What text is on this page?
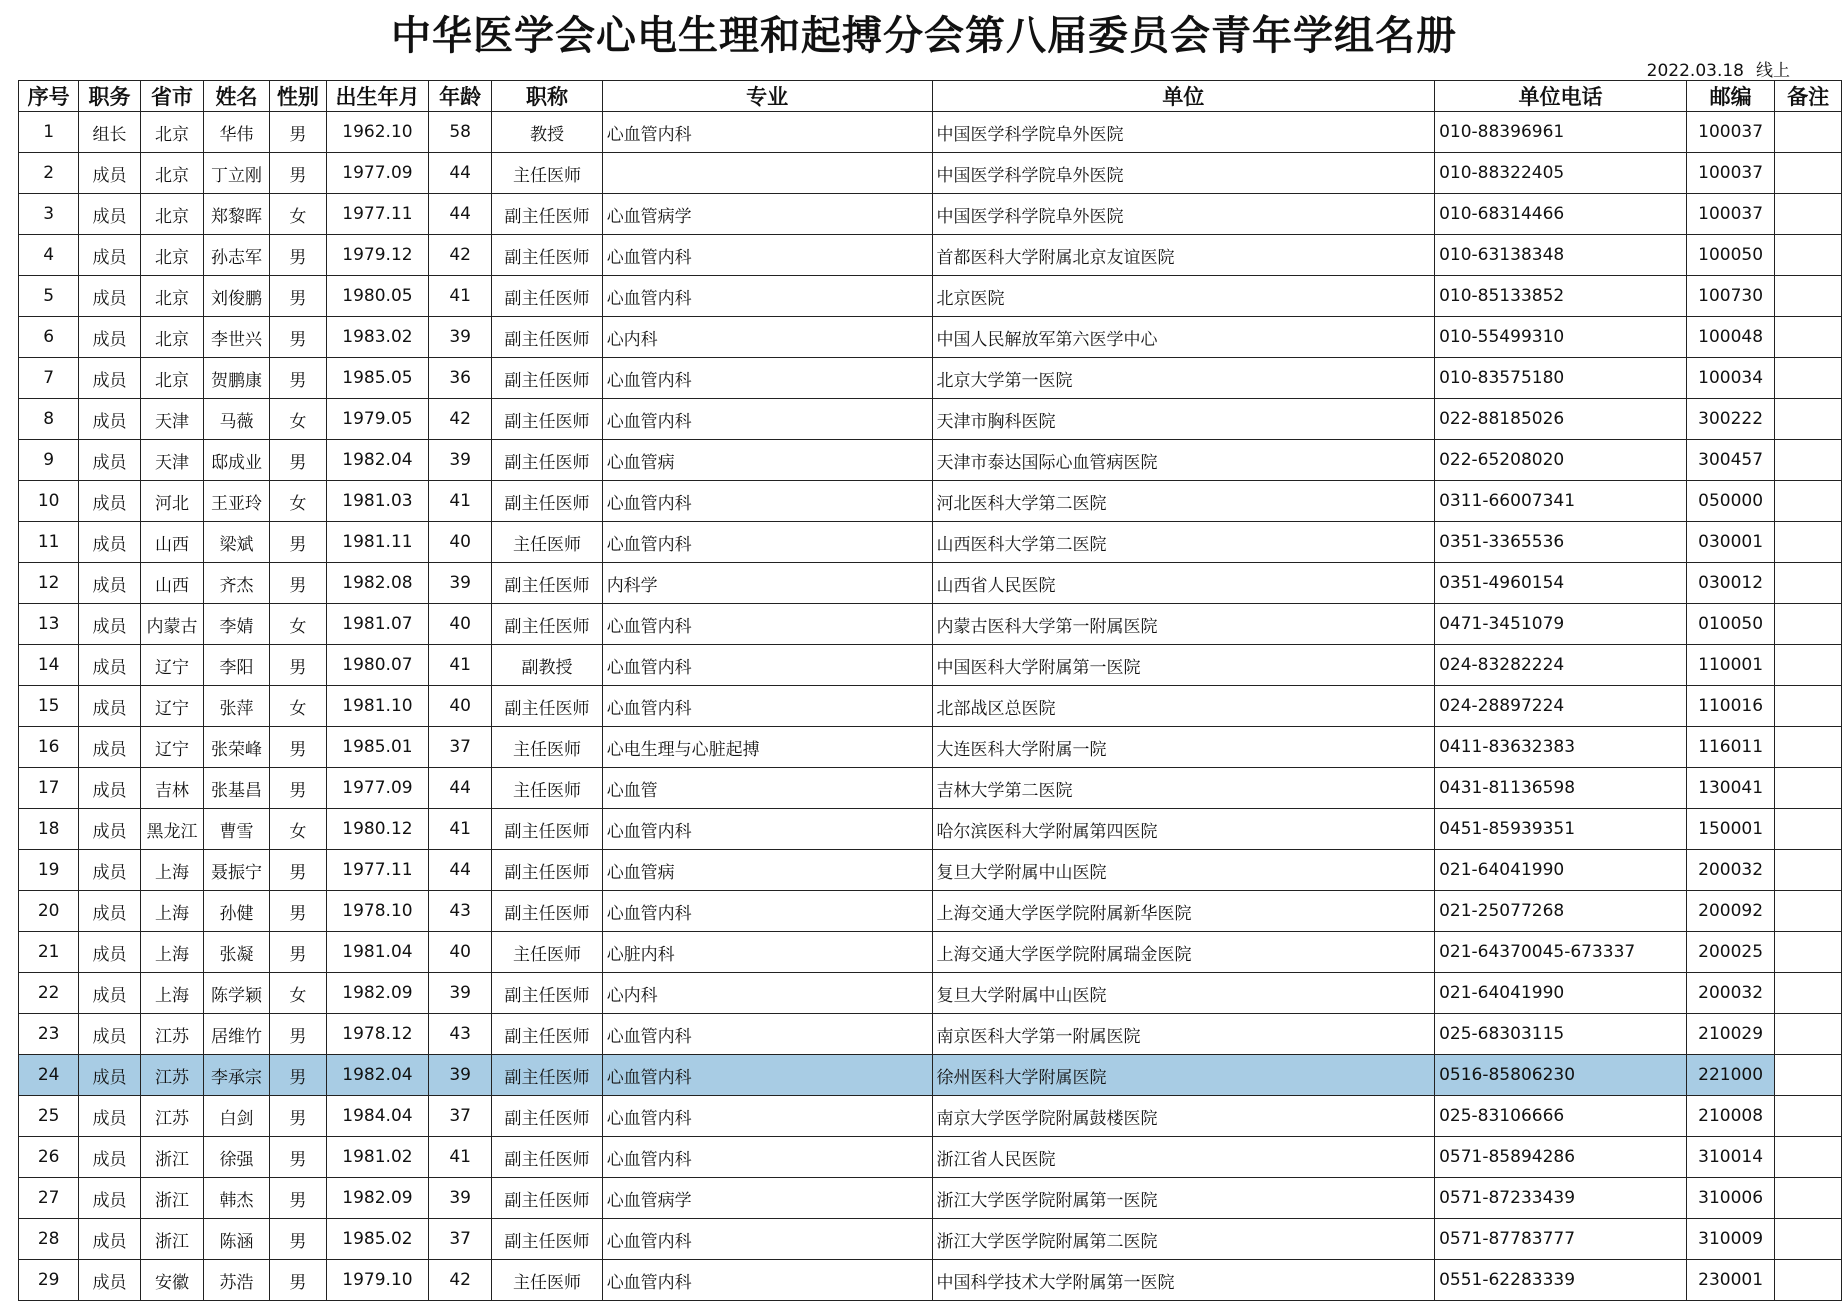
中华医学会心电生理和起搏分会第八届委员会青年学组名册
2022.03.18 线上
序号	职务	省市	姓名	性别	出生年月	年龄	职称	专业	单位	单位电话	邮编	备注
1	组长	北京	华伟	男	1962.10	58	教授	心血管内科	中国医学科学院阜外医院	010-88396961	100037	
2	成员	北京	丁立刚	男	1977.09	44	主任医师		中国医学科学院阜外医院	010-88322405	100037	
3	成员	北京	郑黎晖	女	1977.11	44	副主任医师	心血管病学	中国医学科学院阜外医院	010-68314466	100037	
4	成员	北京	孙志军	男	1979.12	42	副主任医师	心血管内科	首都医科大学附属北京友谊医院	010-63138348	100050	
5	成员	北京	刘俊鹏	男	1980.05	41	副主任医师	心血管内科	北京医院	010-85133852	100730	
6	成员	北京	李世兴	男	1983.02	39	副主任医师	心内科	中国人民解放军第六医学中心	010-55499310	100048	
7	成员	北京	贺鹏康	男	1985.05	36	副主任医师	心血管内科	北京大学第一医院	010-83575180	100034	
8	成员	天津	马薇	女	1979.05	42	副主任医师	心血管内科	天津市胸科医院	022-88185026	300222	
9	成员	天津	邸成业	男	1982.04	39	副主任医师	心血管病	天津市泰达国际心血管病医院	022-65208020	300457	
10	成员	河北	王亚玲	女	1981.03	41	副主任医师	心血管内科	河北医科大学第二医院	0311-66007341	050000	
11	成员	山西	梁斌	男	1981.11	40	主任医师	心血管内科	山西医科大学第二医院	0351-3365536	030001	
12	成员	山西	齐杰	男	1982.08	39	副主任医师	内科学	山西省人民医院	0351-4960154	030012	
13	成员	内蒙古	李婧	女	1981.07	40	副主任医师	心血管内科	内蒙古医科大学第一附属医院	0471-3451079	010050	
14	成员	辽宁	李阳	男	1980.07	41	副教授	心血管内科	中国医科大学附属第一医院	024-83282224	110001	
15	成员	辽宁	张萍	女	1981.10	40	副主任医师	心血管内科	北部战区总医院	024-28897224	110016	
16	成员	辽宁	张荣峰	男	1985.01	37	主任医师	心电生理与心脏起搏	大连医科大学附属一院	0411-83632383	116011	
17	成员	吉林	张基昌	男	1977.09	44	主任医师	心血管	吉林大学第二医院	0431-81136598	130041	
18	成员	黑龙江	曹雪	女	1980.12	41	副主任医师	心血管内科	哈尔滨医科大学附属第四医院	0451-85939351	150001	
19	成员	上海	聂振宁	男	1977.11	44	副主任医师	心血管病	复旦大学附属中山医院	021-64041990	200032	
20	成员	上海	孙健	男	1978.10	43	副主任医师	心血管内科	上海交通大学医学院附属新华医院	021-25077268	200092	
21	成员	上海	张凝	男	1981.04	40	主任医师	心脏内科	上海交通大学医学院附属瑞金医院	021-64370045-673337	200025	
22	成员	上海	陈学颖	女	1982.09	39	副主任医师	心内科	复旦大学附属中山医院	021-64041990	200032	
23	成员	江苏	居维竹	男	1978.12	43	副主任医师	心血管内科	南京医科大学第一附属医院	025-68303115	210029	
24	成员	江苏	李承宗	男	1982.04	39	副主任医师	心血管内科	徐州医科大学附属医院	0516-85806230	221000	
25	成员	江苏	白剑	男	1984.04	37	副主任医师	心血管内科	南京大学医学院附属鼓楼医院	025-83106666	210008	
26	成员	浙江	徐强	男	1981.02	41	副主任医师	心血管内科	浙江省人民医院	0571-85894286	310014	
27	成员	浙江	韩杰	男	1982.09	39	副主任医师	心血管病学	浙江大学医学院附属第一医院	0571-87233439	310006	
28	成员	浙江	陈涵	男	1985.02	37	副主任医师	心血管内科	浙江大学医学院附属第二医院	0571-87783777	310009	
29	成员	安徽	苏浩	男	1979.10	42	主任医师	心血管内科	中国科学技术大学附属第一医院	0551-62283339	230001	
